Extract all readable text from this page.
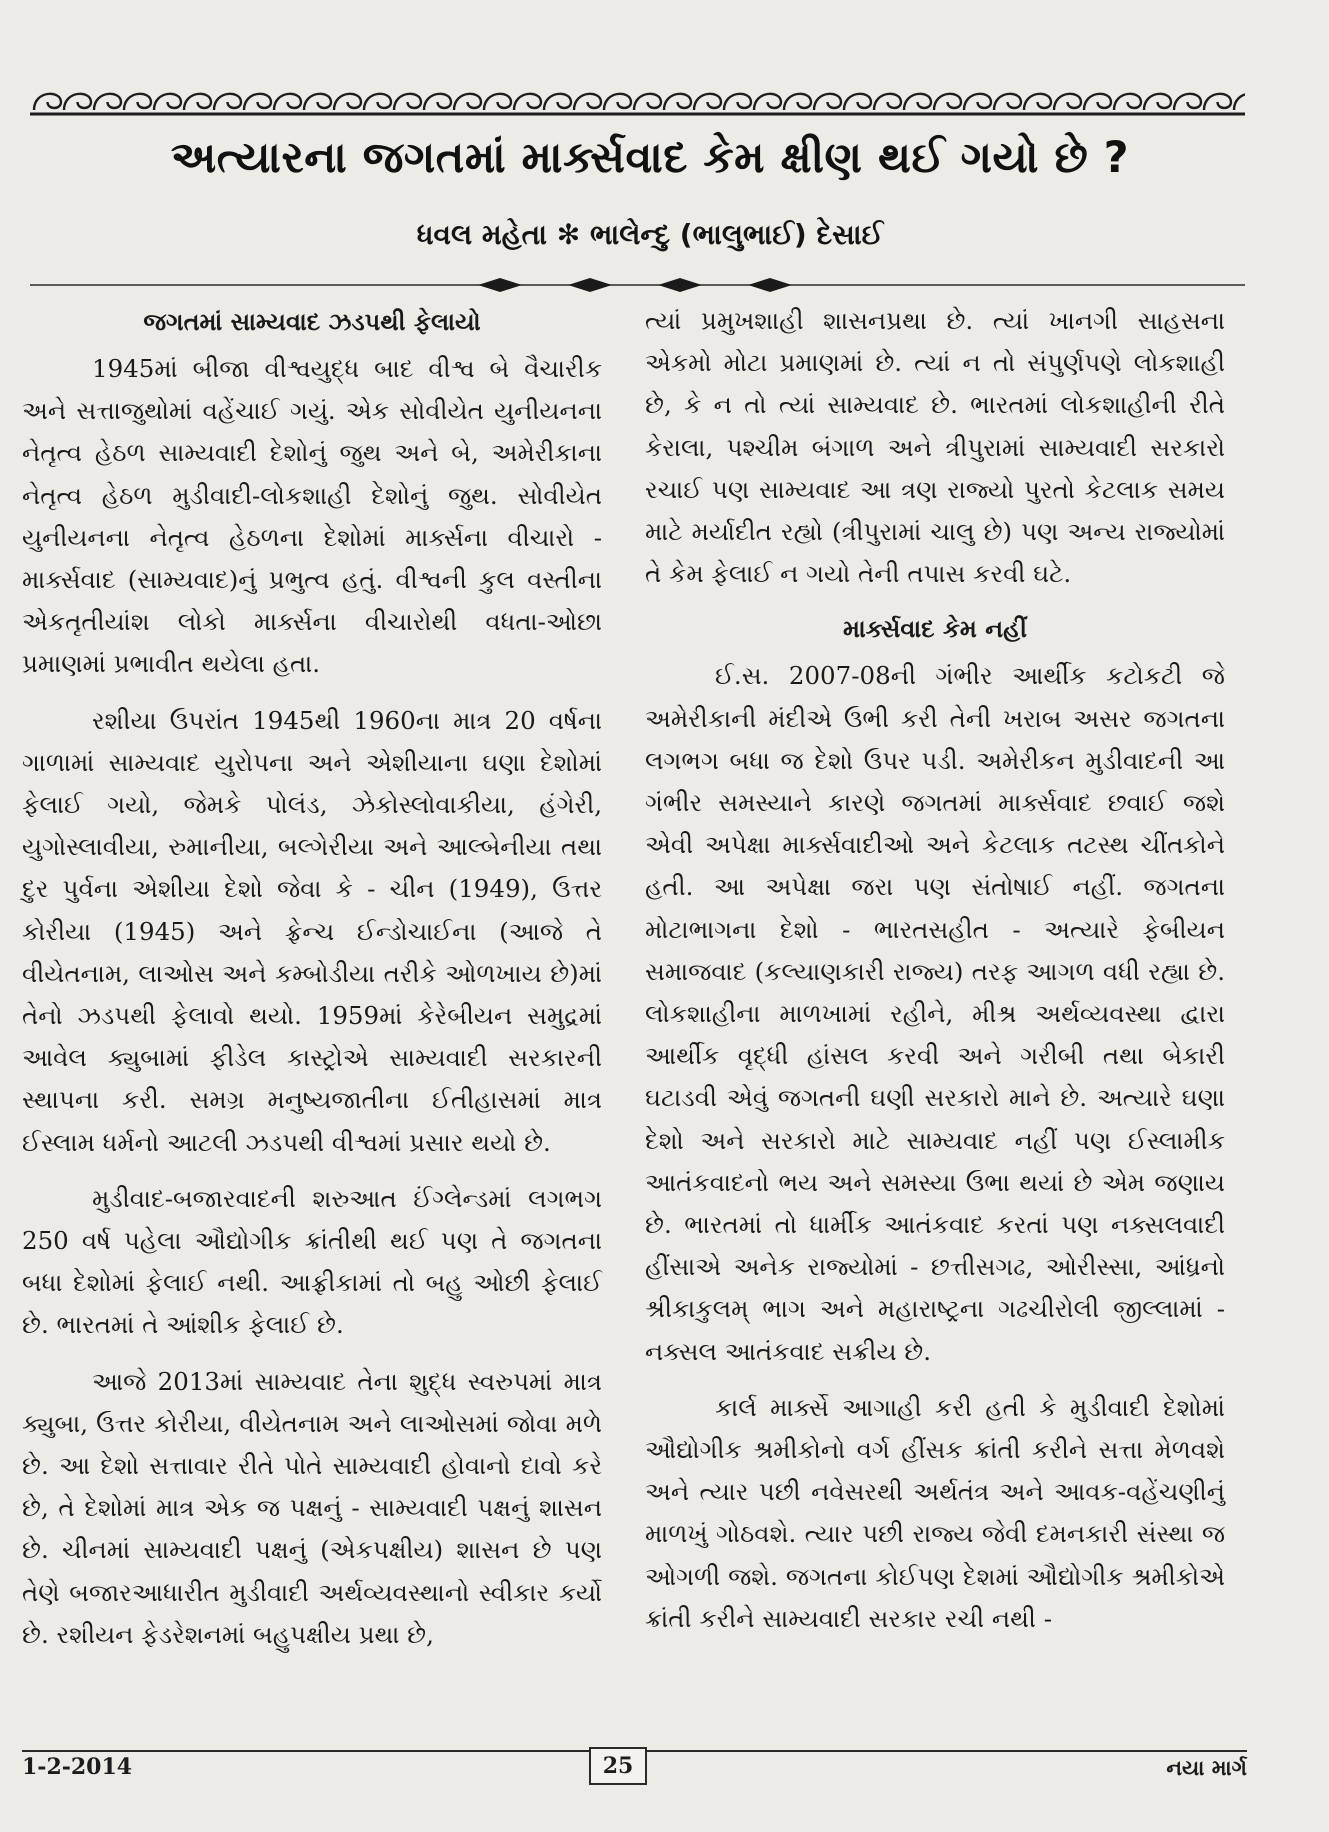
અત્યારના જગતમાં માર્ક્સવાદ કેમ ક્ષીણ થઈ ગયો છે ?
ધવલ મહેતા ✻ ભાલેન્દુ (ભાલુભાઈ) દેસાઈ
જગતમાં સામ્યવાદ ઝડપથી ફેલાયો

1945માં બીજા વીશ્વયુદ્ધ બાદ વીશ્વ બે વૈચારીક અને સત્તાજુથોમાં વહેંચાઈ ગયું. એક સોવીયેત યુનીયનના નેતૃત્વ હેઠળ સામ્યવાદી દેશોનું જુથ અને બે, અમેરીકાના નેતૃત્વ હેઠળ મુડીવાદી-લોકશાહી દેશોનું જુથ. સોવીયેત યુનીયનના નેતૃત્વ હેઠળના દેશોમાં માર્ક્સના વીચારો - માર્ક્સવાદ (સામ્યવાદ)નું પ્રભુત્વ હતું. વીશ્વની કુલ વસ્તીના એકતૃતીયાંશ લોકો માર્ક્સના વીચારોથી વધતા-ઓછા પ્રમાણમાં પ્રભાવીત થયેલા હતા.

રશીયા ઉપરાંત 1945થી 1960ના માત્ર 20 વર્ષના ગાળામાં સામ્યવાદ યુરોપના અને એશીયાના ઘણા દેશોમાં ફેલાઈ ગયો, જેમકે પોલંડ, ઝેકોસ્લોવાકીયા, હંગેરી, યુગોસ્લાવીયા, રુમાનીયા, બલ્ગેરીયા અને આલ્બેનીયા તથા દુર પુર્વના એશીયા દેશો જેવા કે - ચીન (1949), ઉત્તર કોરીયા (1945) અને ફ્રેન્ચ ઈન્ડોચાઈના (આજે તે વીયેતનામ, લાઓસ અને કમ્બોડીયા તરીકે ઓળખાય છે)માં તેનો ઝડપથી ફેલાવો થયો. 1959માં કેરેબીયન સમુદ્રમાં આવેલ ક્યુબામાં ફીડેલ કાસ્ટ્રોએ સામ્યવાદી સરકારની સ્થાપના કરી. સમગ્ર મનુષ્યજાતીના ઈતીહાસમાં માત્ર ઈસ્લામ ધર્મનો આટલી ઝડપથી વીશ્વમાં પ્રસાર થયો છે.

મુડીવાદ-બજારવાદની શરુઆત ઈંગ્લેન્ડમાં લગભગ 250 વર્ષ પહેલા ઔદ્યોગીક ક્રાંતીથી થઈ પણ તે જગતના બધા દેશોમાં ફેલાઈ નથી. આફ્રીકામાં તો બહુ ઓછી ફેલાઈ છે. ભારતમાં તે આંશીક ફેલાઈ છે.

આજે 2013માં સામ્યવાદ તેના શુદ્ધ સ્વરુપમાં માત્ર ક્યુબા, ઉત્તર કોરીયા, વીયેતનામ અને લાઓસમાં જોવા મળે છે. આ દેશો સત્તાવાર રીતે પોતે સામ્યવાદી હોવાનો દાવો કરે છે, તે દેશોમાં માત્ર એક જ પક્ષનું - સામ્યવાદી પક્ષનું શાસન છે. ચીનમાં સામ્યવાદી પક્ષનું (એકપક્ષીય) શાસન છે પણ તેણે બજારઆધારીત મુડીવાદી અર્થવ્યવસ્થાનો સ્વીકાર કર્યો છે. રશીયન ફેડરેશનમાં બહુપક્ષીય પ્રથા છે,

ત્યાં પ્રમુખશાહી શાસનપ્રથા છે. ત્યાં ખાનગી સાહસના એકમો મોટા પ્રમાણમાં છે. ત્યાં ન તો સંપુર્ણપણે લોકશાહી છે, કે ન તો ત્યાં સામ્યવાદ છે. ભારતમાં લોકશાહીની રીતે કેરાલા, પશ્ચીમ બંગાળ અને ત્રીપુરામાં સામ્યવાદી સરકારો રચાઈ પણ સામ્યવાદ આ ત્રણ રાજ્યો પુરતો કેટલાક સમય માટે મર્યાદીત રહ્યો (ત્રીપુરામાં ચાલુ છે) પણ અન્ય રાજ્યોમાં તે કેમ ફેલાઈ ન ગયો તેની તપાસ કરવી ઘટે.

માર્ક્સવાદ કેમ નહીં

ઈ.સ. 2007-08ની ગંભીર આર્થીક કટોકટી જે અમેરીકાની મંદીએ ઉભી કરી તેની ખરાબ અસર જગતના લગભગ બધા જ દેશો ઉપર પડી. અમેરીકન મુડીવાદની આ ગંભીર સમસ્યાને કારણે જગતમાં માર્ક્સવાદ છવાઈ જશે એવી અપેક્ષા માર્ક્સવાદીઓ અને કેટલાક તટસ્થ ચીંતકોને હતી. આ અપેક્ષા જરા પણ સંતોષાઈ નહીં. જગતના મોટાભાગના દેશો - ભારતસહીત - અત્યારે ફેબીયન સમાજવાદ (કલ્યાણકારી રાજ્ય) તરફ આગળ વધી રહ્યા છે. લોકશાહીના માળખામાં રહીને, મીશ્ર અર્થવ્યવસ્થા દ્વારા આર્થીક વૃદ્ધી હાંસલ કરવી અને ગરીબી તથા બેકારી ઘટાડવી એવું જગતની ઘણી સરકારો માને છે. અત્યારે ઘણા દેશો અને સરકારો માટે સામ્યવાદ નહીં પણ ઈસ્લામીક આતંકવાદનો ભય અને સમસ્યા ઉભા થયાં છે એમ જણાય છે. ભારતમાં તો ધાર્મીક આતંકવાદ કરતાં પણ નક્સલવાદી હીંસાએ અનેક રાજ્યોમાં - છત્તીસગઢ, ઓરીસ્સા, આંધ્રનો શ્રીકાકુલમ્ ભાગ અને મહારાષ્ટ્રના ગઢચીરોલી જીલ્લામાં - નક્સલ આતંકવાદ સક્રીય છે.

કાર્લ માર્ક્સે આગાહી કરી હતી કે મુડીવાદી દેશોમાં ઔદ્યોગીક શ્રમીકોનો વર્ગ હીંસક ક્રાંતી કરીને સત્તા મેળવશે અને ત્યાર પછી નવેસરથી અર્થતંત્ર અને આવક-વહેંચણીનું માળખું ગોઠવશે. ત્યાર પછી રાજ્ય જેવી દમનકારી સંસ્થા જ ઓગળી જશે. જગતના કોઈપણ દેશમાં ઔદ્યોગીક શ્રમીકોએ ક્રાંતી કરીને સામ્યવાદી સરકાર રચી નથી -

1-2-2014	25	નયા માર્ગ
